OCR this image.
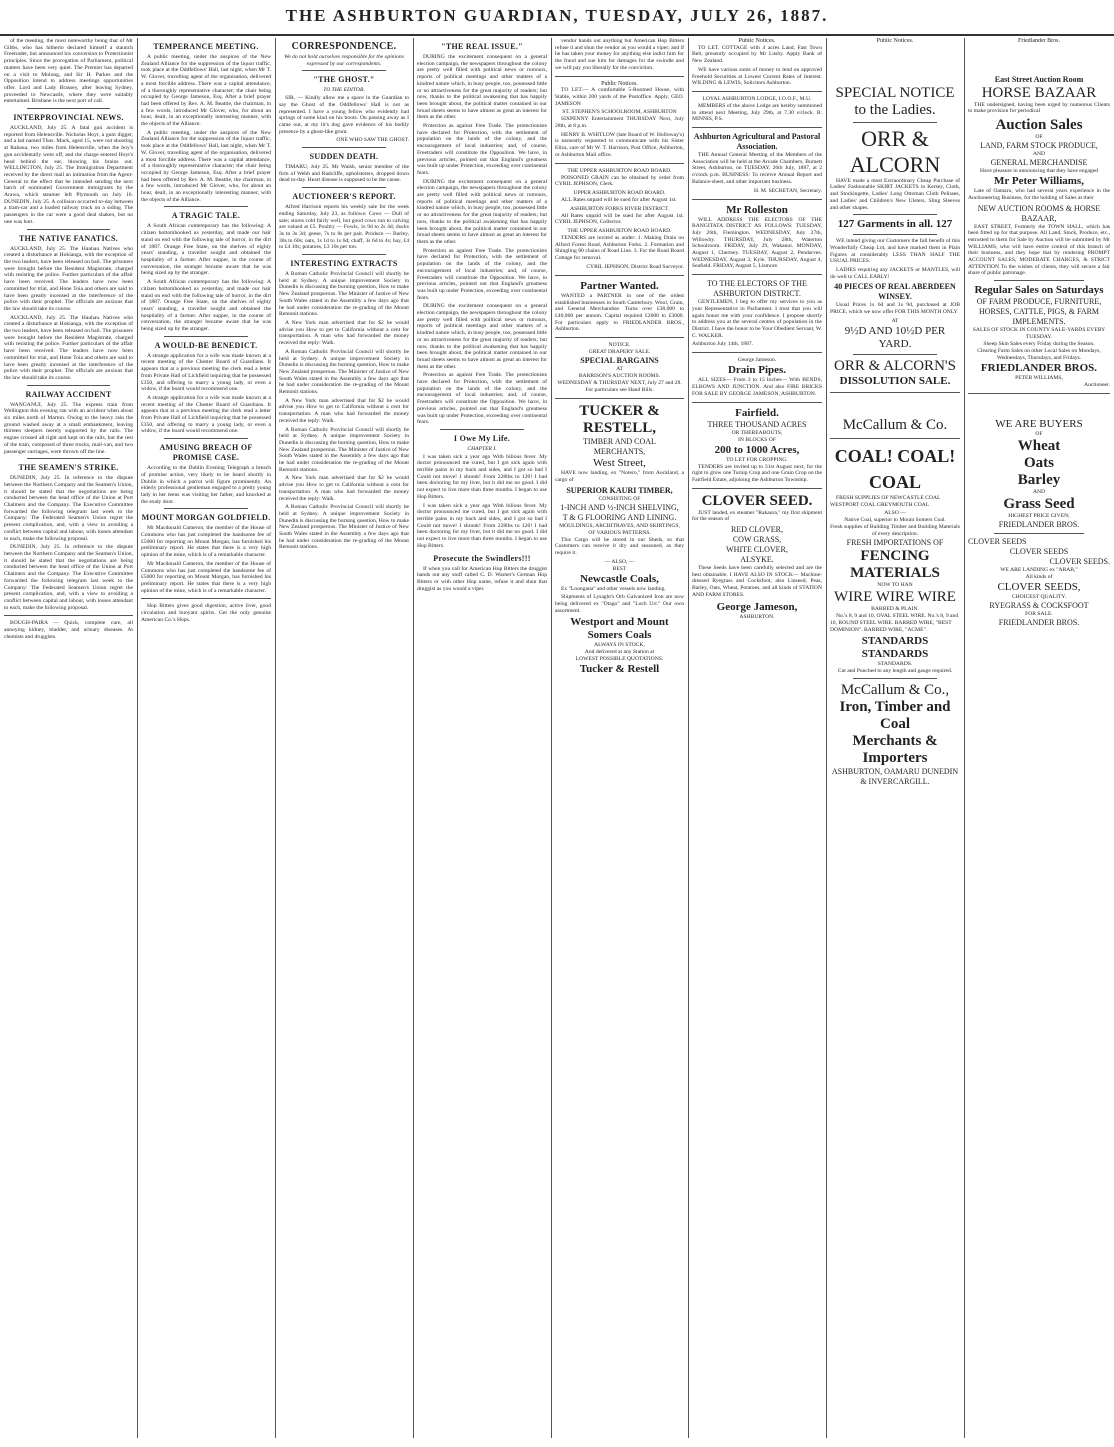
THE ASHBURTON GUARDIAN, TUESDAY, JULY 26, 1887.

of the meeting, the most noteworthy being that of Mr Gibbs, who has hitherto declared himself a staunch Freetrader, but announced his conversion to Protectionist principles. Since the prorogation of Parliament, political matters have been very quiet. The Premier has departed on a visit to Molong, and Sir H. Parkes and the Opposition intend to address meetings opportunities offer. Lord and Lady Brassey, after leaving Sydney, proceeded to Newcastle, where they were suitably entertained. Brisbane is the next port of call.

INTERPROVINCIAL NEWS.

AUCKLAND, July 25. A fatal gun accident is reported from Helensville. Nicholas Hoyt, a gum digger, and a lad named Thos. Mack, aged 15, were out shooting at Rahaua, two miles from Helensville, when the boy's gun accidentally went off, and the charge entered Hoyt's head behind the ear, blowing his brains out. WELLINGTON, July 25. The Immigration Department received by the direct mail an intimation from the Agent-General to the effect that he intended sending the next batch of nominated Government immigrants by the Arawa, which steamer left Plymouth on July 16. DUNEDIN, July 25. A collision occurred to-day between a tram-car and a loaded railway truck on a siding. The passengers in the car were a good deal shaken, but no one was hurt.

THE NATIVE FANATICS.

AUCKLAND, July 25. The Hauhau Natives who created a disturbance at Hokianga, with the exception of the two leaders, have been released on bail. The prisoners were brought before the Resident Magistrate, charged with resisting the police. Further particulars of the affair have been received. The leaders have now been committed for trial, and Hone Toia and others are said to have been greatly incensed at the interference of the police with their prophet. The officials are anxious that the law should take its course.

AUCKLAND, July 25. The Hauhau Natives who created a disturbance at Hokianga, with the exception of the two leaders, have been released on bail. The prisoners were brought before the Resident Magistrate, charged with resisting the police. Further particulars of the affair have been received. The leaders have now been committed for trial, and Hone Toia and others are said to have been greatly incensed at the interference of the police with their prophet. The officials are anxious that the law should take its course.

RAILWAY ACCIDENT

WANGANUI, July 25. The express train from Wellington this evening ran with an accident when about six miles north of Marton. Owing to the heavy rain the ground washed away at a small embankment, leaving thirteen sleepers merely supported by the rails. The engine crossed all right and kept on the rails, but the rest of the train, composed of three trucks, mail-van, and two passenger carriages, were thrown off the line.

THE SEAMEN'S STRIKE.

DUNEDIN, July 25. In reference to the dispute between the Northern Company and the Seamen's Union, it should be stated that the negotiations are being conducted between the head office of the Union at Port Chalmers and the Company. The Executive Committee forwarded the following telegram last week to the Company: The Federated Seamen's Union regret the present complication, and, with a view to avoiding a conflict between capital and labour, with losses attendant to each, make the following proposal.

DUNEDIN, July 25. In reference to the dispute between the Northern Company and the Seamen's Union, it should be stated that the negotiations are being conducted between the head office of the Union at Port Chalmers and the Company. The Executive Committee forwarded the following telegram last week to the Company: The Federated Seamen's Union regret the present complication, and, with a view to avoiding a conflict between capital and labour, with losses attendant to each, make the following proposal.

BOUGH-PAIRA — Quick, complete cure, all annoying kidney, bladder, and urinary diseases. At chemists and druggists.

TEMPERANCE MEETING.

A public meeting, under the auspices of the New Zealand Alliance for the suppression of the liquor traffic, took place at the Oddfellows' Hall, last night, when Mr T. W. Glover, travelling agent of the organisation, delivered a most forcible address. There was a capital attendance, of a thoroughly representative character; the chair being occupied by George Jameson, Esq. After a brief prayer had been offered by Rev. A. M. Beattie, the chairman, in a few words, introduced Mr Glover, who, for about an hour, dealt, in an exceptionally interesting manner, with the objects of the Alliance.

A public meeting, under the auspices of the New Zealand Alliance for the suppression of the liquor traffic, took place at the Oddfellows' Hall, last night, when Mr T. W. Glover, travelling agent of the organisation, delivered a most forcible address. There was a capital attendance, of a thoroughly representative character; the chair being occupied by George Jameson, Esq. After a brief prayer had been offered by Rev. A. M. Beattie, the chairman, in a few words, introduced Mr Glover, who, for about an hour, dealt, in an exceptionally interesting manner, with the objects of the Alliance.

A TRAGIC TALE.

A South African contemporary has the following: A citizen bottomhooked us yesterday, and made our hair stand on end with the following tale of horror, in the dirt of 1887. Orange Free State, on the shelves of eighty years' standing, a traveller sought and obtained the hospitality of a farmer. After supper, in the course of conversation, the stranger became aware that he was being sized up by the stranger.

A South African contemporary has the following: A citizen bottomhooked us yesterday, and made our hair stand on end with the following tale of horror, in the dirt of 1887. Orange Free State, on the shelves of eighty years' standing, a traveller sought and obtained the hospitality of a farmer. After supper, in the course of conversation, the stranger became aware that he was being sized up by the stranger.

A WOULD-BE BENEDICT.

A strange application for a wife was made known at a recent meeting of the Chester Board of Guardians. It appears that at a previous meeting the clerk read a letter from Private Hall of Lichfield inquiring that he possessed £350, and offering to marry a young lady, or even a widow, if the board would recommend one.

A strange application for a wife was made known at a recent meeting of the Chester Board of Guardians. It appears that at a previous meeting the clerk read a letter from Private Hall of Lichfield inquiring that he possessed £350, and offering to marry a young lady, or even a widow, if the board would recommend one.

AMUSING BREACH OF PROMISE CASE.

According to the Dublin Evening Telegraph a breach of promise action, very likely to be heard shortly in Dublin in which a parrot will figure prominently. An elderly professional gentleman engaged to a pretty young lady in her teens was visiting her father, and knocked at the study door.

MOUNT MORGAN GOLDFIELD.

Mr Macdonald Cameron, the member of the House of Commons who has just completed the handsome fee of £5000 for reporting on Mount Morgan, has furnished his preliminary report. He states that there is a very high opinion of the mine, which is of a remarkable character.

Mr Macdonald Cameron, the member of the House of Commons who has just completed the handsome fee of £5000 for reporting on Mount Morgan, has furnished his preliminary report. He states that there is a very high opinion of the mine, which is of a remarkable character.

Hop Bitters gives good digestion, active liver, good circulation and buoyant spirits. Get the only genuine American Co.'s Hops.

CORRESPONDENCE.
We do not hold ourselves responsible for the opinions expressed by our correspondents.
"THE GHOST."
TO THE EDITOR.

SIR, — Kindly allow me a space in the Guardian to say the Ghost of the Oddfellows' Hall is not as represented. I have a young fellow who evidently had springs of some kind on his boots. On passing away as I came out, at my lit's dog gave evidence of his bodily presence by a ghost-like grunt.

ONE WHO SAW THE GHOST.
SUDDEN DEATH.

TIMARU, July 25. Mr Walsh, senior member of the firm of Webb and Radcliffe, upholsterers, dropped down dead to-day. Heart disease is supposed to be the cause.

AUCTIONEER'S REPORT.

Alfred Harrison reports his weekly sale for the week ending Saturday, July 23, as follows: Cows — Dull of sale; stores cold fairly well, but good cows run to calving are valued at £5. Poultry — Fowls, 1s 9d to 2s 4d; ducks 3s to 3s 3d; geese, 7s to 8s per pair. Produce — Barley, 30s to 60s; oats, 1s 1d to 1s 6d; chaff, 3s 6d to 4s; hay, £4 to £4 10s; potatoes, £3 10s per ton.

INTERESTING EXTRACTS

A Roman Catholic Provincial Council will shortly be held at Sydney. A unique improvement Society in Dunedin is discussing the burning question, How to make New Zealand prosperous. The Minister of Justice of New South Wales stated in the Assembly a few days ago that he had under consideration the re-grading of the Mount Remonit stations.

A New York man advertised that for $2 he would advise you How to get to California without a cent for transportation. A man who had forwarded the money received the reply: Walk.

A Roman Catholic Provincial Council will shortly be held at Sydney. A unique improvement Society in Dunedin is discussing the burning question, How to make New Zealand prosperous. The Minister of Justice of New South Wales stated in the Assembly a few days ago that he had under consideration the re-grading of the Mount Remonit stations.

A New York man advertised that for $2 he would advise you How to get to California without a cent for transportation. A man who had forwarded the money received the reply: Walk.

A Roman Catholic Provincial Council will shortly be held at Sydney. A unique improvement Society in Dunedin is discussing the burning question, How to make New Zealand prosperous. The Minister of Justice of New South Wales stated in the Assembly a few days ago that he had under consideration the re-grading of the Mount Remonit stations.

A New York man advertised that for $2 he would advise you How to get to California without a cent for transportation. A man who had forwarded the money received the reply: Walk.

A Roman Catholic Provincial Council will shortly be held at Sydney. A unique improvement Society in Dunedin is discussing the burning question, How to make New Zealand prosperous. The Minister of Justice of New South Wales stated in the Assembly a few days ago that he had under consideration the re-grading of the Mount Remonit stations.

"THE REAL ISSUE."

DURING the excitement consequent on a general election campaign, the newspapers throughout the colony are pretty well filled with political news or rumours, reports of political meetings and other matters of a kindred nature which, in busy people, too, possessed little or no attractiveness for the great majority of readers; but now, thanks to the political awakening that has happily been brought about, the political matter contained in our broad sheets seems to have almost as great an interest for them as the other.

Protection as against Free Trade. The protectionists have declared for Protection, with the settlement of population on the lands of the colony, and the encouragement of local industries; and, of course, Freetraders will constitute the Opposition. We have, in previous articles, pointed out that England's greatness was built up under Protection, exceeding over continental fears.

DURING the excitement consequent on a general election campaign, the newspapers throughout the colony are pretty well filled with political news or rumours, reports of political meetings and other matters of a kindred nature which, in busy people, too, possessed little or no attractiveness for the great majority of readers; but now, thanks to the political awakening that has happily been brought about, the political matter contained in our broad sheets seems to have almost as great an interest for them as the other.

Protection as against Free Trade. The protectionists have declared for Protection, with the settlement of population on the lands of the colony, and the encouragement of local industries; and, of course, Freetraders will constitute the Opposition. We have, in previous articles, pointed out that England's greatness was built up under Protection, exceeding over continental fears.

DURING the excitement consequent on a general election campaign, the newspapers throughout the colony are pretty well filled with political news or rumours, reports of political meetings and other matters of a kindred nature which, in busy people, too, possessed little or no attractiveness for the great majority of readers; but now, thanks to the political awakening that has happily been brought about, the political matter contained in our broad sheets seems to have almost as great an interest for them as the other.

Protection as against Free Trade. The protectionists have declared for Protection, with the settlement of population on the lands of the colony, and the encouragement of local industries; and, of course, Freetraders will constitute the Opposition. We have, in previous articles, pointed out that England's greatness was built up under Protection, exceeding over continental fears.

I Owe My Life.
CHAPTER I.

I was taken sick a year ago With bilious fever. My doctor pronounced me cured, but I got sick again with terrible pains in my back and sides, and I got so bad I Could not move! I shrunk! From 228lbs to 120! I had been doctoring for my liver, but it did me no good. I did not expect to live more than three months. I began to use Hop Bitters.

I was taken sick a year ago With bilious fever. My doctor pronounced me cured, but I got sick again with terrible pains in my back and sides, and I got so bad I Could not move! I shrunk! From 228lbs to 120! I had been doctoring for my liver, but it did me no good. I did not expect to live more than three months. I began to use Hop Bitters.

Prosecute the Swindlers!!!

If when you call for American Hop Bitters the druggist hands out any stuff called C. D. Warner's German Hop Bitters or with other Hop name, refuse it and shun that druggist as you would a viper.

vendor hands out anything but American Hop Bitters refuse it and shun the vendor as you would a viper; and if he has taken your money for anything else indict him for the fraud and sue him for damages for the swindle and we will pay you liberally for the conviction.

Public Notices.

TO LET.— A comfortable 5-Roomed House, with Stable, within 200 yards of the Postoffice. Apply, GEO. JAMESON

ST. STEPHEN'S SCHOOLROOM, ASHBURTON

SIXPENNY Entertainment THURSDAY Next, July 28th, at 8 p.m.

HENRY B. WHITLOW (late Board of W. Holloway's) is earnestly requested to communicate with his Sister Eliza, care of Mr W. T. Harrison, Post Office, Ashburton, or Ashburton Mail office.

THE UPPER ASHBURTON ROAD BOARD.

POISONED GRAIN can be obtained by order from CYRIL JEPHSON, Clerk.

UPPER ASHBURTON ROAD BOARD.

ALL Rates unpaid will be sued for after August 1st.

ASHBURTON FORKS RIVER DISTRICT.

All Rates unpaid will be sued for after August 1st. CYRIL JEPHSON, Collector.

THE UPPER ASHBURTON ROAD BOARD.

TENDERS are invited as under: 1. Making Drain on Alford Forest Road, Ashburton Forks. 2. Formation and Shingling 80 chains of Road Line. 3. For the Road Board Cottage for removal.

CYRIL JEPHSON, District Road Surveyor.
Partner Wanted.

WANTED a PARTNER in one of the oldest established businesses in South Canterbury. Wool, Grain, and General Merchandise. Turns over £38,000 to £40,000 per annum. Capital required £2000 to £3000. For particulars apply to FRIEDLANDER BROS., Ashburton.

NOTICE.
GREAT DRAPERY SALE.
SPECIAL BARGAINS
AT
BARRISON'S AUCTION ROOMS.
WEDNESDAY & THURSDAY NEXT, July 27 and 28.
For particulars see Hand Bills.
TUCKER & RESTELL,
TIMBER AND COAL
MERCHANTS,
West Street,

HAVE now landing, ex "Notero," from Auckland, a cargo of

SUPERIOR KAURI TIMBER,
CONSISTING OF
1-INCH AND ½-INCH SHELVING,
T & G FLOORING AND LINING.
MOULDINGS, ARCHITRAVES, AND SKIRTINGS,
OF VARIOUS PATTERNS.

This Cargo will be stored in our Sheds, so that Customers can receive it dry and seasoned, as they require it.

— ALSO, —
BEST
Newcastle Coals,

Ex "Loongana" and other vessels now landing.

Shipments of Lysaght's Orb Galvanized Iron are now being delivered ex "Otago" and "Loch Urr." Our own assortment.

Westport and Mount Somers Coals
ALWAYS IN STOCK,
And delivered at any Station at
LOWEST POSSIBLE QUOTATIONS.
Tucker & Restell
Public Notices.

TO LET. COTTAGE with 4 acres Land, Fast Town Belt, presently occupied by Mr Lusby. Apply Bank of New Zealand.

WE have various sums of money to lend on approved Freehold Securities at Lowest Current Rates of Interest. WILDING & LEWIS, Solicitors Ashburton.

LOYAL ASHBURTON LODGE, I.O.O.F., M.U.

MEMBERS of the above Lodge are hereby summoned to attend next Meeting, July 29th, at 7.30 o'clock. R. MINNIS, P.S.

Ashburton Agricultural and Pastoral Association.

THE Annual General Meeting of the Members of the Association will be held at the Arcade Chambers, Burnett Street, Ashburton, on TUESDAY, 26th July, 1887, at 2 o'clock p.m. BUSINESS: To receive Annual Report and Balance-sheet, and other important business.

H. M. SECRETAN, Secretary.
Mr Rolleston

WILL ADDRESS THE ELECTORS OF THE RANGITATA DISTRICT AS FOLLOWS: TUESDAY, July 26th, Flemington. WEDNESDAY, July 27th, Willowby. THURSDAY, July 28th, Waterton Schoolroom. FRIDAY, July 29, Wakanui. MONDAY, August 1, Chertsey. TUESDAY, August 2, Pendarves. WEDNESDAY, August 3, Kyle. THURSDAY, August 4, Seafield. FRIDAY, August 5, Lismore.

TO THE ELECTORS OF THE ASHBURTON DISTRICT.

GENTLEMEN, I beg to offer my services to you as your Representative in Parliament. I trust that you will again honor me with your confidence. I propose shortly to address you at the several centres of population in the District. I have the honor to be Your Obedient Servant, W. C. WALKER.

Ashburton July 14th, 1887.
George Jameson.
Drain Pipes.

ALL SIZES— From 3 to 15 Inches— With BENDS, ELBOWS AND JUNCTION. And also FIRE BRICKS FOR SALE BY GEORGE JAMESON, ASHBURTON.

Fairfield.
THREE THOUSAND ACRES
OR THEREABOUTS,
IN BLOCKS OF
200 to 1000 Acres,
TO LET FOR CROPPING.

TENDERS are invited up to 31st August next, for the right to grow one Turnip Crop and one Grain Crop on the Fairfield Estate, adjoining the Ashburton Township.

CLOVER SEED.

JUST landed, ex steamer "Rakaura," my first shipment for the season of

RED CLOVER,
COW GRASS,
WHITE CLOVER,
ALSYKE.

These Seeds have been carefully selected and are the best obtainable. I HAVE ALSO IN STOCK— Machine-dressed Ryegrass and Cocksfoot, also Linseed, Peas, Barley, Oats, Wheat, Potatoes, and all kinds of STATION AND FARM STORES.

George Jameson,
ASHBURTON.
Public Notices.
SPECIAL NOTICE
to the Ladies.
ORR & ALCORN

HAVE made a most Extraordinary Cheap Purchase of Ladies' Fashionable SKIRT JACKETS in Kersey, Cloth, and Stockingette, Ladies' Long Ottoman Cloth Pelisses, and Ladies' and Children's New Ulsters, Sling Sleeves and other shapes.

127 Garments in all. 127

WE intend giving our Customers the full benefit of this Wonderfully Cheap Lot, and have marked them in Plain Figures at considerably LESS THAN HALF THE USUAL PRICES.

LADIES requiring any JACKETS or MANTLES, will do well to CALL EARLY!

40 PIECES OF REAL ABERDEEN WINSEY.

Usual Prices 1s 6d and 1s 9d, purchased at JOB PRICE, which we now offer FOR THIS MONTH ONLY

AT
9½D AND 10½D PER YARD.
ORR & ALCORN'S
DISSOLUTION SALE.
McCallum & Co.
COAL! COAL! COAL

FRESH SUPPLIES OF NEWCASTLE COAL WESTPORT COAL GREYMOUTH COAL

ALSO —
Native Coal, superior to Mount Somers Coal.
Fresh supplies of Building Timber and Building Materials of every description.
FRESH IMPORTATIONS OF
FENCING MATERIALS
NOW TO HAN
WIRE WIRE WIRE
BARBED & PLAIN.

No.'s 8, 9 and 10, OVAL STEEL WIRE. No.'s 8, 9 and 10, ROUND STEEL WIRE. BARBED WIRE, "BEST DOMINION". BARBED WIRE, "ACME".

STANDARDS STANDARDS
STANDARDS.
Cut and Punched to any length and gauge required.
McCallum & Co.,
Iron, Timber and Coal
Merchants & Importers
ASHBURTON, OAMARU DUNEDIN & INVERCARGILL.
Friedlander Bros.
East Street Auction Room
HORSE BAZAAR

THE undersigned, having been urged by numerous Clients to make provision for periodical

Auction Sales
OF
LAND, FARM STOCK PRODUCE,
AND
GENERAL MERCHANDISE
Have pleasure in announcing that they have engaged
Mr Peter Williams,

Late of Oamaru, who had several years experience in the Auctioneering Business, for the holding of Sales at their

NEW AUCTION ROOMS & HORSE BAZAAR,

EAST STREET, Formerly the TOWN HALL, which has been fitted up for that purpose. All Land, Stock, Produce, etc., entrusted to them for Sale by Auction will be submitted by Mr WILLIAMS, who will have entire control of this branch of their business, and they hope that by rendering PROMPT ACCOUNT SALES, MODERATE CHARGES, & STRICT ATTENTION To the wishes of clients, they will secure a fair share of public patronage.

Regular Sales on Saturdays
OF FARM PRODUCE, FURNITURE, HORSES, CATTLE, PIGS, & FARM IMPLEMENTS.
SALES OF STOCK IN COUNTY SALE-YARDS EVERY TUESDAY.
Sheep Skin Sales every Friday during the Season.
Clearing Farm Sales on other Local Sales on Mondays, Wednesdays, Thursdays, and Fridays.
FRIEDLANDER BROS.
PETER WILLIAMS,
Auctioneer.
WE ARE BUYERS
OF
Wheat
Oats
Barley
AND
Grass Seed
HIGHEST PRICE GIVEN;
FRIEDLANDER BROS.
CLOVER SEEDS
CLOVER SEEDS
CLOVER SEEDS.
WE ARE LANDING ex "ARAB,"
All kinds of
CLOVER SEEDS,
CHOICEST QUALITY.
RYEGRASS & COCKSFOOT
FOR SALE.
FRIEDLANDER BROS.
